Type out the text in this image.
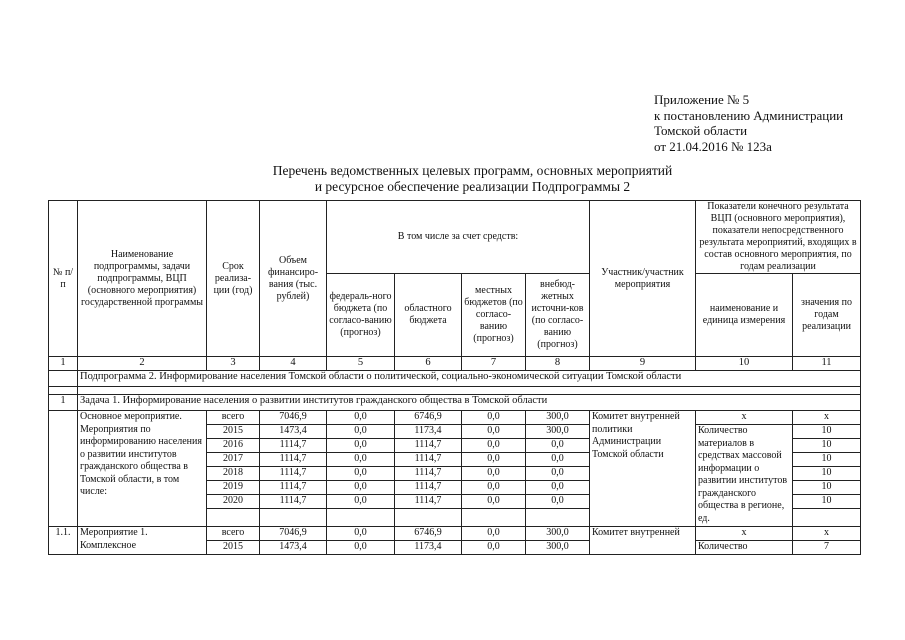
Приложение № 5
к постановлению Администрации
Томской области
от 21.04.2016 № 123а
Перечень ведомственных целевых программ, основных мероприятий
и ресурсное обеспечение реализации Подпрограммы 2
№ п/п	Наименование подпрограммы, задачи подпрограммы, ВЦП (основного мероприятия) государственной программы	Срок реализа-ции (год)	Объем финансиро-вания (тыс. рублей)	В том числе за счет средств:				Участник/участник мероприятия	Показатели конечного результата ВЦП (основного мероприятия), показатели непосредственного результата мероприятий, входящих в состав основного мероприятия, по годам реализации	
				федераль-ного бюджета (по согласо-ванию (прогноз)	областного бюджета	местных бюджетов (по согласо-ванию (прогноз)	внебюд-жетных источни-ков (по согласо-ванию (прогноз)		наименование и единица измерения	значения по годам реализации
1	2	3	4	5	6	7	8	9	10	11
	Подпрограмма 2. Информирование населения Томской области о политической, социально-экономической ситуации Томской области									

1	Задача 1. Информирование населения о развитии институтов гражданского общества в Томской области									
	Основное мероприятие. Мероприятия по информированию населения о развитии институтов гражданского общества в Томской области, в том числе:	всего	7046,9	0,0	6746,9	0,0	300,0	Комитет внутренней политики Администрации Томской области	х	х
		2015	1473,4	0,0	1173,4	0,0	300,0		Количество материалов в средствах массовой информации о развитии институтов гражданского общества в регионе, ед.	10
		2016	1114,7	0,0	1114,7	0,0	0,0			10
		2017	1114,7	0,0	1114,7	0,0	0,0			10
		2018	1114,7	0,0	1114,7	0,0	0,0			10
		2019	1114,7	0,0	1114,7	0,0	0,0			10
		2020	1114,7	0,0	1114,7	0,0	0,0			10

1.1.	Мероприятие 1. Комплексное	всего	7046,9	0,0	6746,9	0,0	300,0	Комитет внутренней	х	х
		2015	1473,4	0,0	1173,4	0,0	300,0		Количество	7
